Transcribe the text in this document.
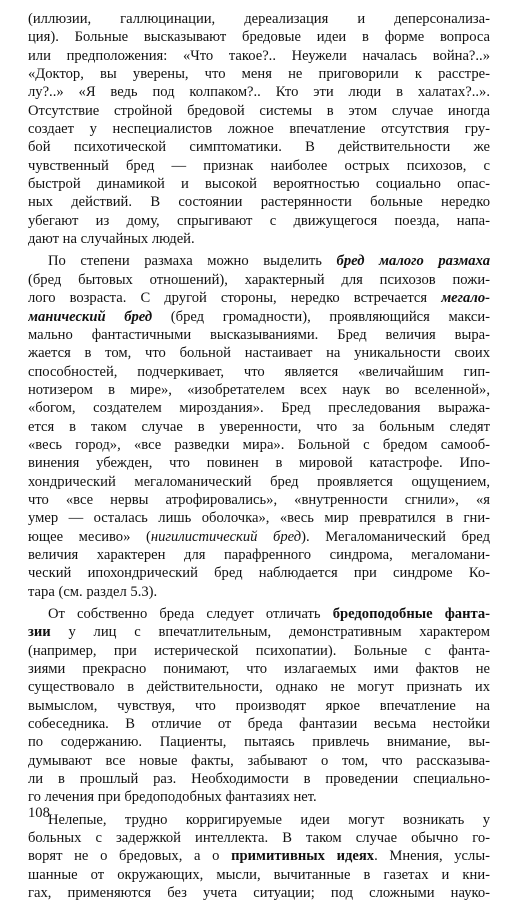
(иллюзии, галлюцинации, дереализация и деперсонализа-
ция). Больные высказывают бредовые идеи в форме вопроса
или предположения: «Что такое?.. Неужели началась война?..»
«Доктор, вы уверены, что меня не приговорили к расстре-
лу?..» «Я ведь под колпаком?.. Кто эти люди в халатах?..».
Отсутствие стройной бредовой системы в этом случае иногда
создает у неспециалистов ложное впечатление отсутствия гру-
бой психотической симптоматики. В действительности же
чувственный бред — признак наиболее острых психозов, с
быстрой динамикой и высокой вероятностью социально опас-
ных действий. В состоянии растерянности больные нередко
убегают из дому, спрыгивают с движущегося поезда, напа-
дают на случайных людей.
По степени размаха можно выделить бред малого размаха
(бред бытовых отношений), характерный для психозов пожи-
лого возраста. С другой стороны, нередко встречается мегало-
манический бред (бред громадности), проявляющийся макси-
мально фантастичными высказываниями. Бред величия выра-
жается в том, что больной настаивает на уникальности своих
способностей, подчеркивает, что является «величайшим гип-
нотизером в мире», «изобретателем всех наук во вселенной»,
«богом, создателем мироздания». Бред преследования выража-
ется в таком случае в уверенности, что за больным следят
«весь город», «все разведки мира». Больной с бредом самооб-
винения убежден, что повинен в мировой катастрофе. Ипо-
хондрический мегаломанический бред проявляется ощущением,
что «все нервы атрофировались», «внутренности сгнили», «я
умер — осталась лишь оболочка», «весь мир превратился в гни-
ющее месиво» (нигилистический бред). Мегаломанический бред
величия характерен для парафренного синдрома, мегаломани-
ческий ипохондрический бред наблюдается при синдроме Ко-
тара (см. раздел 5.3).
От собственно бреда следует отличать бредоподобные фанта-
зии у лиц с впечатлительным, демонстративным характером
(например, при истерической психопатии). Больные с фанта-
зиями прекрасно понимают, что излагаемых ими фактов не
существовало в действительности, однако не могут признать их
вымыслом, чувствуя, что производят яркое впечатление на
собеседника. В отличие от бреда фантазии весьма нестойки
по содержанию. Пациенты, пытаясь привлечь внимание, вы-
думывают все новые факты, забывают о том, что рассказыва-
ли в прошлый раз. Необходимости в проведении специально-
го лечения при бредоподобных фантазиях нет.
Нелепые, трудно корригируемые идеи могут возникать у
больных с задержкой интеллекта. В таком случае обычно го-
ворят не о бредовых, а о примитивных идеях. Мнения, услы-
шанные от окружающих, мысли, вычитанные в газетах и кни-
гах, применяются без учета ситуации; под сложными науко-
108
